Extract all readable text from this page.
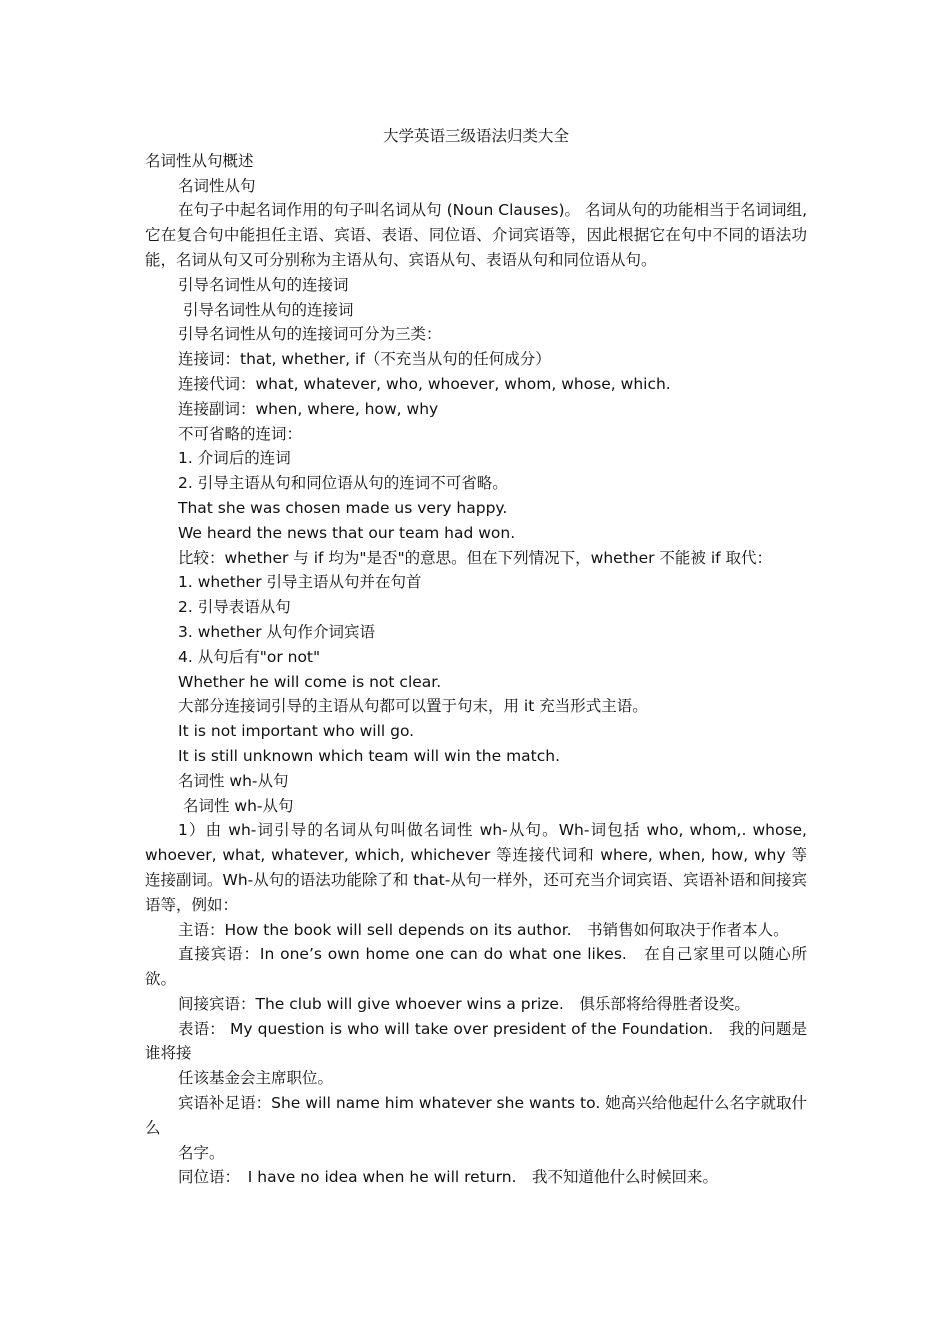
大学英语三级语法归类大全

名词性从句概述

名词性从句

在句子中起名词作用的句子叫名词从句 (Noun Clauses)。 名词从句的功能相当于名词词组, 它在复合句中能担任主语、宾语、表语、同位语、介词宾语等，因此根据它在句中不同的语法功能，名词从句又可分别称为主语从句、宾语从句、表语从句和同位语从句。

引导名词性从句的连接词

引导名词性从句的连接词

引导名词性从句的连接词可分为三类：

连接词：that, whether, if（不充当从句的任何成分）

连接代词：what, whatever, who, whoever, whom, whose, which.

连接副词：when, where, how, why

不可省略的连词：

1. 介词后的连词

2. 引导主语从句和同位语从句的连词不可省略。

That she was chosen made us very happy.

We heard the news that our team had won.

比较：whether 与 if 均为"是否"的意思。但在下列情况下，whether 不能被 if 取代：

1. whether 引导主语从句并在句首

2. 引导表语从句

3. whether 从句作介词宾语

4. 从句后有"or not"

Whether he will come is not clear.

大部分连接词引导的主语从句都可以置于句末，用 it 充当形式主语。

It is not important who will go.

It is still unknown which team will win the match.

名词性 wh-从句

名词性 wh-从句

1）由 wh-词引导的名词从句叫做名词性 wh-从句。Wh-词包括 who, whom,. whose, whoever, what, whatever, which, whichever 等连接代词和 where, when, how, why 等连接副词。Wh-从句的语法功能除了和 that-从句一样外，还可充当介词宾语、宾语补语和间接宾语等，例如：

主语：How the book will sell depends on its author.　书销售如何取决于作者本人。

直接宾语：In one’s own home one can do what one likes.　在自己家里可以随心所欲。

间接宾语：The club will give whoever wins a prize.　俱乐部将给得胜者设奖。

表语： My question is who will take over president of the Foundation.　我的问题是谁将接

任该基金会主席职位。

宾语补足语：She will name him whatever she wants to. 她高兴给他起什么名字就取什么

名字。

同位语：　I have no idea when he will return.　我不知道他什么时候回来。
